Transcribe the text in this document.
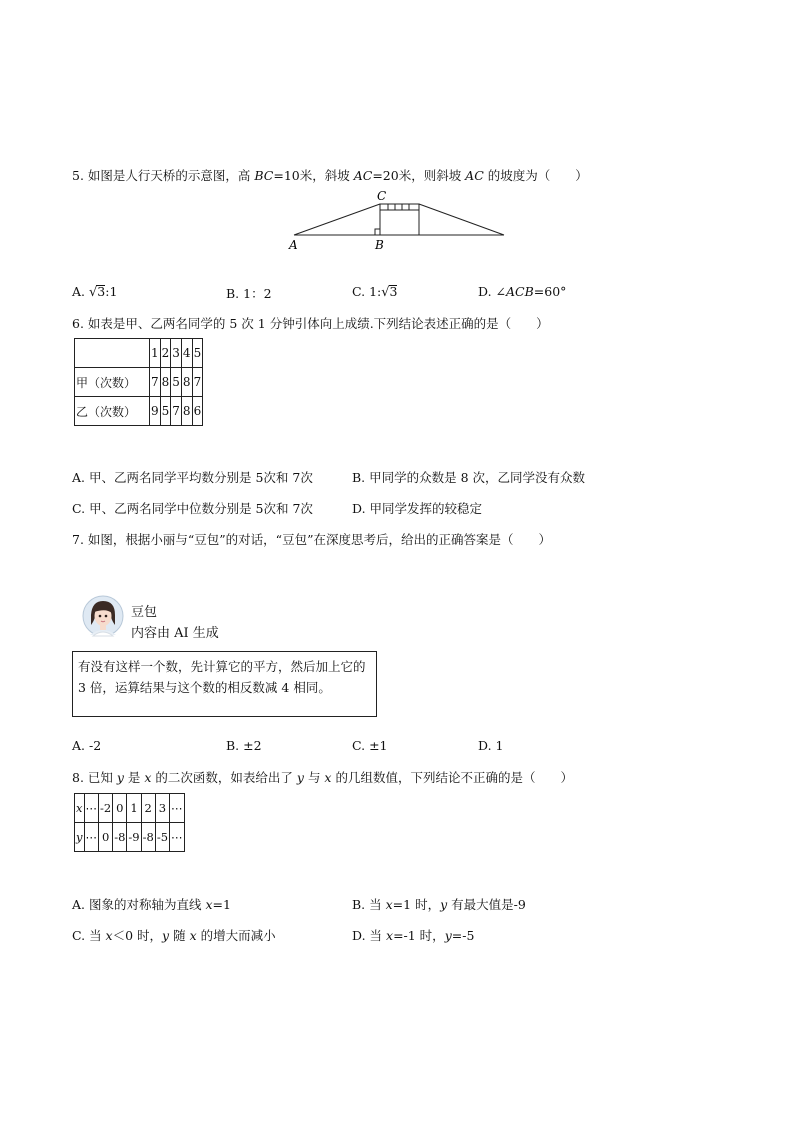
5. 如图是人行天桥的示意图，高 BC=10米，斜坡 AC=20米，则斜坡 AC 的坡度为（　　）
A	B
C
A. √3:1	B. 1：2	C. 1:√3	D. ∠ACB=60°
6. 如表是甲、乙两名同学的 5 次 1 分钟引体向上成绩.下列结论表述正确的是（　　）
	1	2	3	4	5
甲（次数）	7	8	5	8	7
乙（次数）	9	5	7	8	6
A. 甲、乙两名同学平均数分别是 5次和 7次	B. 甲同学的众数是 8 次，乙同学没有众数
C. 甲、乙两名同学中位数分别是 5次和 7次	D. 甲同学发挥的较稳定
7. 如图，根据小丽与“豆包”的对话，“豆包”在深度思考后，给出的正确答案是（　　）
豆包
内容由 AI 生成
有没有这样一个数，先计算它的平方，然后加上它的3 倍，运算结果与这个数的相反数减 4 相同。
A. -2	B. ±2	C. ±1	D. 1
8. 已知 y 是 x 的二次函数，如表给出了 y 与 x 的几组数值，下列结论不正确的是（　　）
x	⋯	-2	0	1	2	3	⋯
y	⋯	0	-8	-9	-8	-5	⋯
A. 图象的对称轴为直线 x=1	B. 当 x=1 时，y 有最大值是-9
C. 当 x＜0 时，y 随 x 的增大而减小	D. 当 x=-1 时，y=-5
